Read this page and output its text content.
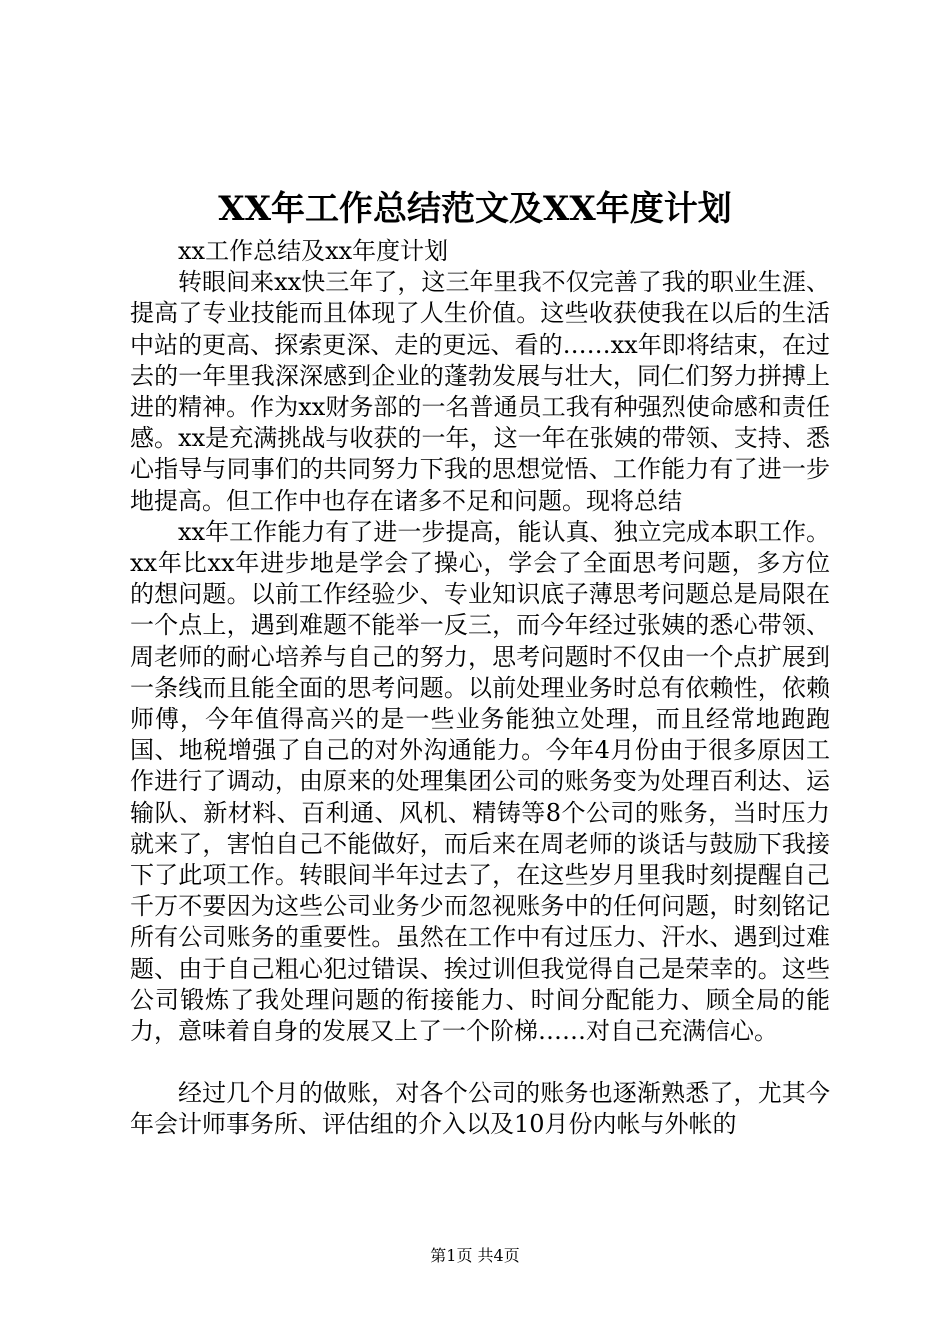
XX年工作总结范文及XX年度计划

xx工作总结及xx年度计划

转眼间来xx快三年了，这三年里我不仅完善了我的职业生涯、提高了专业技能而且体现了人生价值。这些收获使我在以后的生活中站的更高、探索更深、走的更远、看的……xx年即将结束，在过去的一年里我深深感到企业的蓬勃发展与壮大，同仁们努力拼搏上进的精神。作为xx财务部的一名普通员工我有种强烈使命感和责任感。xx是充满挑战与收获的一年，这一年在张姨的带领、支持、悉心指导与同事们的共同努力下我的思想觉悟、工作能力有了进一步地提高。但工作中也存在诸多不足和问题。现将总结

xx年工作能力有了进一步提高，能认真、独立完成本职工作。xx年比xx年进步地是学会了操心，学会了全面思考问题，多方位的想问题。以前工作经验少、专业知识底子薄思考问题总是局限在一个点上，遇到难题不能举一反三，而今年经过张姨的悉心带领、周老师的耐心培养与自己的努力，思考问题时不仅由一个点扩展到一条线而且能全面的思考问题。以前处理业务时总有依赖性，依赖师傅，今年值得高兴的是一些业务能独立处理，而且经常地跑跑国、地税增强了自己的对外沟通能力。今年4月份由于很多原因工作进行了调动，由原来的处理集团公司的账务变为处理百利达、运输队、新材料、百利通、风机、精铸等8个公司的账务，当时压力就来了，害怕自己不能做好，而后来在周老师的谈话与鼓励下我接下了此项工作。转眼间半年过去了，在这些岁月里我时刻提醒自己千万不要因为这些公司业务少而忽视账务中的任何问题，时刻铭记所有公司账务的重要性。虽然在工作中有过压力、汗水、遇到过难题、由于自己粗心犯过错误、挨过训但我觉得自己是荣幸的。这些公司锻炼了我处理问题的衔接能力、时间分配能力、顾全局的能力，意味着自身的发展又上了一个阶梯……对自己充满信心。

经过几个月的做账，对各个公司的账务也逐渐熟悉了，尤其今年会计师事务所、评估组的介入以及10月份内帐与外帐的

第1页 共4页
